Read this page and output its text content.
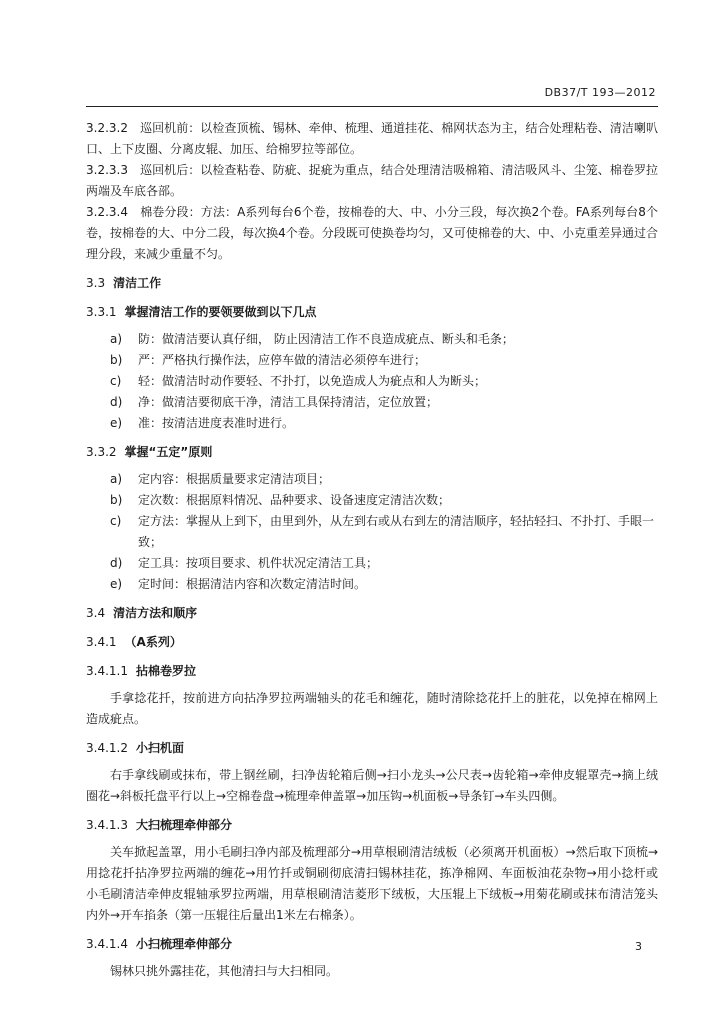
DB37/T 193—2012

3.2.3.2　巡回机前：以检查顶梳、锡林、牵伸、梳理、通道挂花、棉网状态为主，结合处理粘卷、清洁喇叭口、上下皮圈、分离皮辊、加压、给棉罗拉等部位。

3.2.3.3　巡回机后：以检查粘卷、防疵、捉疵为重点，结合处理清洁吸棉箱、清洁吸风斗、尘笼、棉卷罗拉两端及车底各部。

3.2.3.4　棉卷分段：方法：A系列每台6个卷，按棉卷的大、中、小分三段，每次换2个卷。FA系列每台8个卷，按棉卷的大、中分二段，每次换4个卷。分段既可使换卷均匀，又可使棉卷的大、中、小克重差异通过合理分段，来减少重量不匀。

3.3 清洁工作
3.3.1 掌握清洁工作的要领要做到以下几点
a) 防：做清洁要认真仔细， 防止因清洁工作不良造成疵点、断头和毛条；
b) 严：严格执行操作法，应停车做的清洁必须停车进行；
c) 轻：做清洁时动作要轻、不扑打，以免造成人为疵点和人为断头；
d) 净：做清洁要彻底干净，清洁工具保持清洁，定位放置；
e) 准：按清洁进度表准时进行。
3.3.2 掌握“五定”原则
a) 定内容：根据质量要求定清洁项目；
b) 定次数：根据原料情况、品种要求、设备速度定清洁次数；
c) 定方法：掌握从上到下，由里到外，从左到右或从右到左的清洁顺序，轻拈轻扫、不扑打、手眼一致；
d) 定工具：按项目要求、机件状况定清洁工具；
e) 定时间：根据清洁内容和次数定清洁时间。
3.4 清洁方法和顺序
3.4.1 （A系列）
3.4.1.1 拈棉卷罗拉

手拿捻花扦，按前进方向拈净罗拉两端轴头的花毛和缠花，随时清除捻花扦上的脏花，以免掉在棉网上造成疵点。

3.4.1.2 小扫机面

右手拿线刷或抹布，带上钢丝刷，扫净齿轮箱后侧→扫小龙头→公尺表→齿轮箱→牵伸皮辊罩壳→摘上绒圈花→斜板托盘平行以上→空棉卷盘→梳理牵伸盖罩→加压钩→机面板→导条钉→车头四侧。

3.4.1.3 大扫梳理牵伸部分

关车掀起盖罩，用小毛刷扫净内部及梳理部分→用草根刷清洁绒板（必须离开机面板）→然后取下顶梳→用捻花扦拈净罗拉两端的缠花→用竹扦或铜刷彻底清扫锡林挂花，拣净棉网、车面板油花杂物→用小捻杆或小毛刷清洁牵伸皮辊轴承罗拉两端，用草根刷清洁菱形下绒板，大压辊上下绒板→用菊花刷或抹布清洁笼头内外→开车掐条（第一压辊往后量出1米左右棉条）。

3.4.1.4 小扫梳理牵伸部分

锡林只挑外露挂花，其他清扫与大扫相同。

3
